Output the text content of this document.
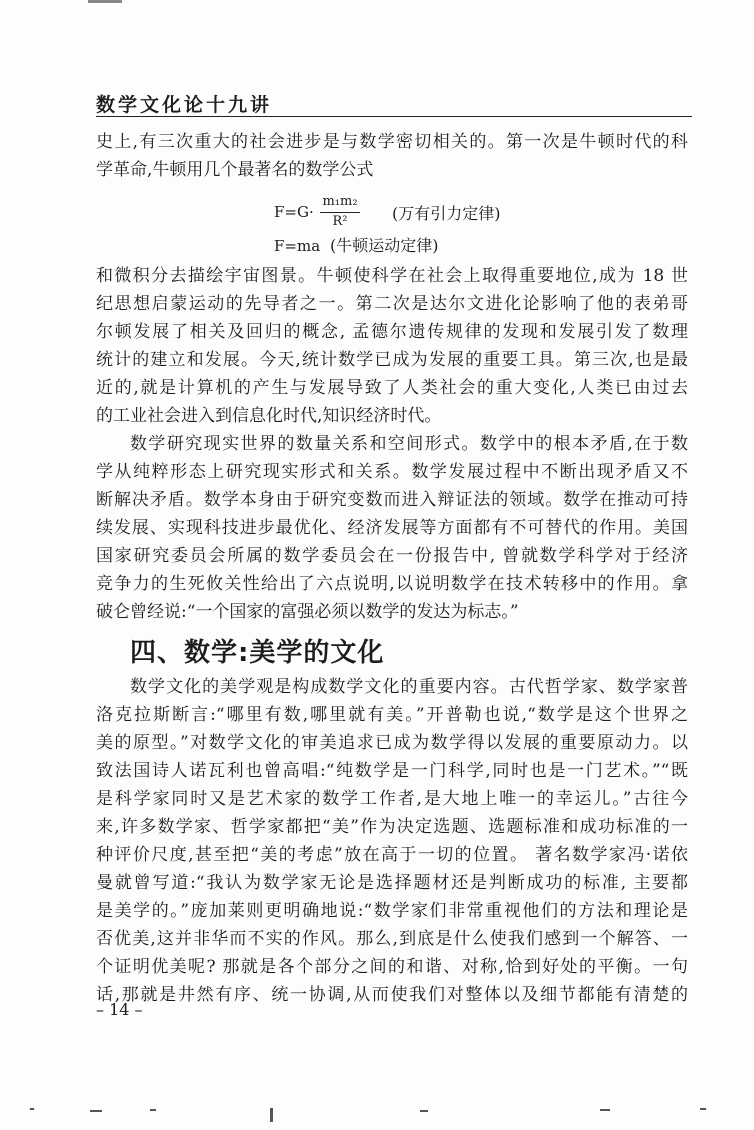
数学文化论十九讲
史上,有三次重大的社会进步是与数学密切相关的。第一次是牛顿时代的科
学革命,牛顿用几个最著名的数学公式
F=G·
m₁m₂
R²	(万有引力定律)
F=ma (牛顿运动定律)
和微积分去描绘宇宙图景。牛顿使科学在社会上取得重要地位,成为 18 世
纪思想启蒙运动的先导者之一。第二次是达尔文进化论影响了他的表弟哥
尔顿发展了相关及回归的概念, 孟德尔遗传规律的发现和发展引发了数理
统计的建立和发展。今天,统计数学已成为发展的重要工具。第三次,也是最
近的,就是计算机的产生与发展导致了人类社会的重大变化,人类已由过去
的工业社会进入到信息化时代,知识经济时代。
数学研究现实世界的数量关系和空间形式。数学中的根本矛盾,在于数
学从纯粹形态上研究现实形式和关系。数学发展过程中不断出现矛盾又不
断解决矛盾。数学本身由于研究变数而进入辩证法的领域。数学在推动可持
续发展、实现科技进步最优化、经济发展等方面都有不可替代的作用。美国
国家研究委员会所属的数学委员会在一份报告中, 曾就数学科学对于经济
竞争力的生死攸关性给出了六点说明,以说明数学在技术转移中的作用。拿
破仑曾经说:“一个国家的富强必须以数学的发达为标志。”
四、数学:美学的文化
数学文化的美学观是构成数学文化的重要内容。古代哲学家、数学家普
洛克拉斯断言:“哪里有数,哪里就有美。”开普勒也说,“数学是这个世界之
美的原型。”对数学文化的审美追求已成为数学得以发展的重要原动力。以
致法国诗人诺瓦利也曾高唱:“纯数学是一门科学,同时也是一门艺术。”“既
是科学家同时又是艺术家的数学工作者,是大地上唯一的幸运儿。”古往今
来,许多数学家、哲学家都把“美”作为决定选题、选题标准和成功标准的一
种评价尺度,甚至把“美的考虑”放在高于一切的位置。 著名数学家冯·诺依
曼就曾写道:“我认为数学家无论是选择题材还是判断成功的标准, 主要都
是美学的。”庞加莱则更明确地说:“数学家们非常重视他们的方法和理论是
否优美,这并非华而不实的作风。那么,到底是什么使我们感到一个解答、一
个证明优美呢? 那就是各个部分之间的和谐、对称,恰到好处的平衡。一句
话,那就是井然有序、统一协调,从而使我们对整体以及细节都能有清楚的
– 14 –
